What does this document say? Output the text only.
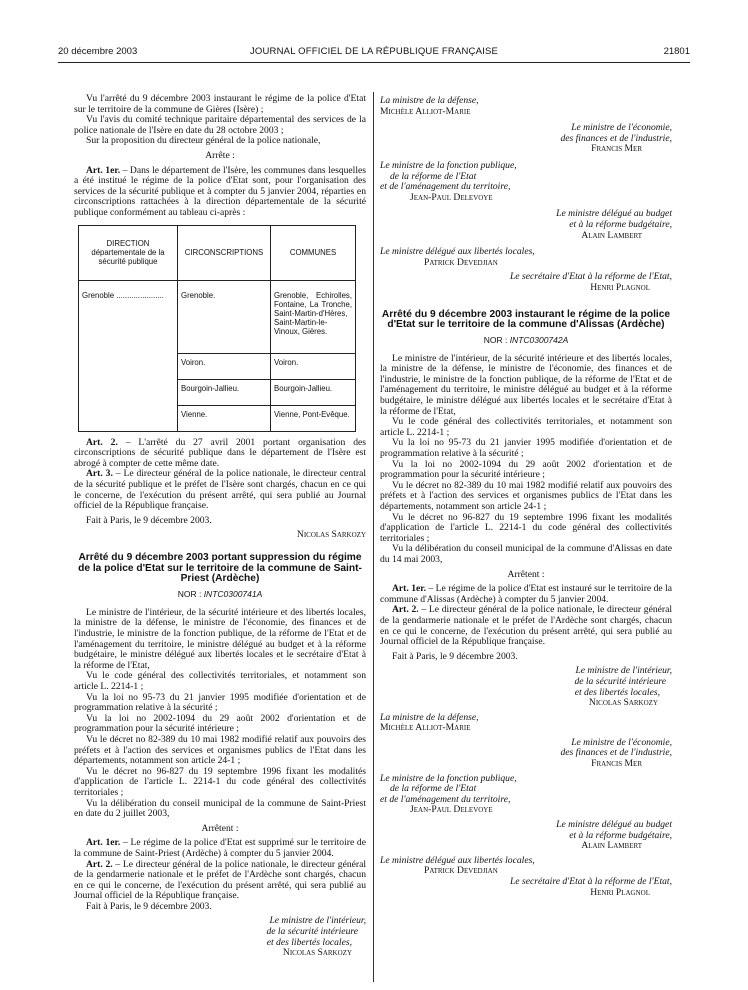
20 décembre 2003	JOURNAL OFFICIEL DE LA RÉPUBLIQUE FRANÇAISE	21801

Vu l'arrêté du 9 décembre 2003 instaurant le régime de la police d'Etat sur le territoire de la commune de Gières (Isère) ;

Vu l'avis du comité technique paritaire départemental des services de la police nationale de l'Isère en date du 28 octobre 2003 ;

Sur la proposition du directeur général de la police nationale,

Arrête :

Art. 1er. – Dans le département de l'Isère, les communes dans lesquelles a été institué le régime de la police d'Etat sont, pour l'organisation des services de la sécurité publique et à compter du 5 janvier 2004, réparties en circonscriptions rattachées à la direction départementale de la sécurité publique conformément au tableau ci-après :

DIRECTION départementale de la sécurité publique	CIRCONSCRIPTIONS	COMMUNES
Grenoble ......................	Grenoble.	Grenoble, Echirolles, Fontaine, La Tronche, Saint-Martin-d'Hères, Saint-Martin-le-Vinoux, Gières.
	Voiron.	Voiron.
	Bourgoin-Jallieu.	Bourgoin-Jallieu.
	Vienne.	Vienne, Pont-Evêque.

Art. 2. – L'arrêté du 27 avril 2001 portant organisation des circonscriptions de sécurité publique dans le département de l'Isère est abrogé à compter de cette même date.

Art. 3. – Le directeur général de la police nationale, le directeur central de la sécurité publique et le préfet de l'Isère sont chargés, chacun en ce qui le concerne, de l'exécution du présent arrêté, qui sera publié au Journal officiel de la République française.

Fait à Paris, le 9 décembre 2003.

Nicolas Sarkozy

Arrêté du 9 décembre 2003 portant suppression du régime de la police d'Etat sur le territoire de la commune de Saint-Priest (Ardèche)

NOR : INTC0300741A

Le ministre de l'intérieur, de la sécurité intérieure et des libertés locales, la ministre de la défense, le ministre de l'économie, des finances et de l'industrie, le ministre de la fonction publique, de la réforme de l'Etat et de l'aménagement du territoire, le ministre délégué au budget et à la réforme budgétaire, le ministre délégué aux libertés locales et le secrétaire d'Etat à la réforme de l'Etat,

Vu le code général des collectivités territoriales, et notamment son article L. 2214-1 ;

Vu la loi no 95-73 du 21 janvier 1995 modifiée d'orientation et de programmation relative à la sécurité ;

Vu la loi no 2002-1094 du 29 août 2002 d'orientation et de programmation pour la sécurité intérieure ;

Vu le décret no 82-389 du 10 mai 1982 modifié relatif aux pouvoirs des préfets et à l'action des services et organismes publics de l'Etat dans les départements, notamment son article 24-1 ;

Vu le décret no 96-827 du 19 septembre 1996 fixant les modalités d'application de l'article L. 2214-1 du code général des collectivités territoriales ;

Vu la délibération du conseil municipal de la commune de Saint-Priest en date du 2 juillet 2003,

Arrêtent :

Art. 1er. – Le régime de la police d'Etat est supprimé sur le territoire de la commune de Saint-Priest (Ardèche) à compter du 5 janvier 2004.

Art. 2. – Le directeur général de la police nationale, le directeur général de la gendarmerie nationale et le préfet de l'Ardèche sont chargés, chacun en ce qui le concerne, de l'exécution du présent arrêté, qui sera publié au Journal officiel de la République française.

Fait à Paris, le 9 décembre 2003.

Le ministre de l'intérieur,

de la sécurité intérieure

et des libertés locales,

Nicolas Sarkozy

La ministre de la défense,

Michèle Alliot-Marie

Le ministre de l'économie,

des finances et de l'industrie,

Francis Mer

Le ministre de la fonction publique,

de la réforme de l'Etat

et de l'aménagement du territoire,

Jean-Paul Delevoye

Le ministre délégué au budget

et à la réforme budgétaire,

Alain Lambert

Le ministre délégué aux libertés locales,

Patrick Devedjian

Le secrétaire d'Etat à la réforme de l'Etat,

Henri Plagnol

Arrêté du 9 décembre 2003 instaurant le régime de la police d'Etat sur le territoire de la commune d'Alissas (Ardèche)

NOR : INTC0300742A

Le ministre de l'intérieur, de la sécurité intérieure et des libertés locales, la ministre de la défense, le ministre de l'économie, des finances et de l'industrie, le ministre de la fonction publique, de la réforme de l'Etat et de l'aménagement du territoire, le ministre délégué au budget et à la réforme budgétaire, le ministre délégué aux libertés locales et le secrétaire d'Etat à la réforme de l'Etat,

Vu le code général des collectivités territoriales, et notamment son article L. 2214-1 ;

Vu la loi no 95-73 du 21 janvier 1995 modifiée d'orientation et de programmation relative à la sécurité ;

Vu la loi no 2002-1094 du 29 août 2002 d'orientation et de programmation pour la sécurité intérieure ;

Vu le décret no 82-389 du 10 mai 1982 modifié relatif aux pouvoirs des préfets et à l'action des services et organismes publics de l'Etat dans les départements, notamment son article 24-1 ;

Vu le décret no 96-827 du 19 septembre 1996 fixant les modalités d'application de l'article L. 2214-1 du code général des collectivités territoriales ;

Vu la délibération du conseil municipal de la commune d'Alissas en date du 14 mai 2003,

Arrêtent :

Art. 1er. – Le régime de la police d'Etat est instauré sur le territoire de la commune d'Alissas (Ardèche) à compter du 5 janvier 2004.

Art. 2. – Le directeur général de la police nationale, le directeur général de la gendarmerie nationale et le préfet de l'Ardèche sont chargés, chacun en ce qui le concerne, de l'exécution du présent arrêté, qui sera publié au Journal officiel de la République française.

Fait à Paris, le 9 décembre 2003.

Le ministre de l'intérieur,

de la sécurité intérieure

et des libertés locales,

Nicolas Sarkozy

La ministre de la défense,

Michèle Alliot-Marie

Le ministre de l'économie,

des finances et de l'industrie,

Francis Mer

Le ministre de la fonction publique,

de la réforme de l'Etat

et de l'aménagement du territoire,

Jean-Paul Delevoye

Le ministre délégué au budget

et à la réforme budgétaire,

Alain Lambert

Le ministre délégué aux libertés locales,

Patrick Devedjian

Le secrétaire d'Etat à la réforme de l'Etat,

Henri Plagnol
